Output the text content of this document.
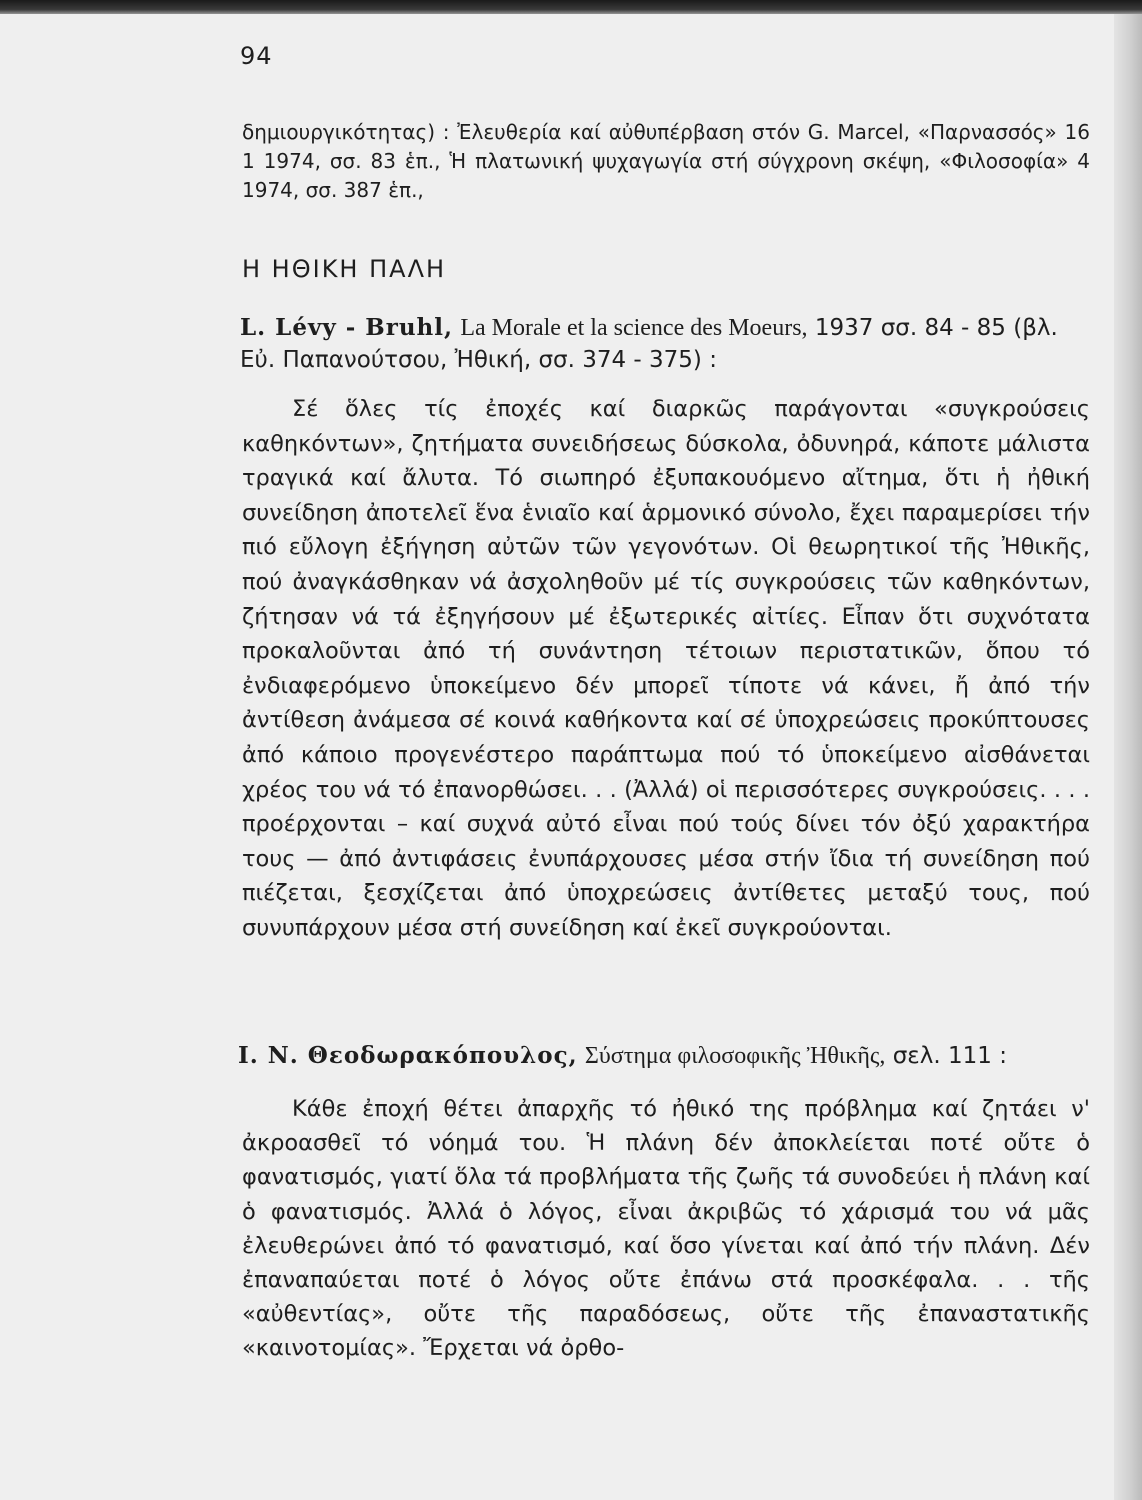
94
δημιουργικότητας) : Ἐλευθερία καί αὐθυπέρβαση στόν G. Marcel, «Παρνασσός» 16 1 1974, σσ. 83 ἑπ., Ἡ πλατωνική ψυχαγωγία στή σύγχρονη σκέψη, «Φιλοσοφία» 4 1974, σσ. 387 ἑπ.,
Η ΗΘΙΚΗ ΠΑΛΗ
L. Lévy - Bruhl, La Morale et la science des Moeurs, 1937 σσ. 84 - 85 (βλ. Εὐ. Παπανούτσου, Ἠθική, σσ. 374 - 375) :

Σέ ὅλες τίς ἐποχές καί διαρκῶς παράγονται «συγκρούσεις καθηκόντων», ζητήματα συνειδήσεως δύσκολα, ὀδυνηρά, κάποτε μάλιστα τραγικά καί ἄλυτα. Τό σιωπηρό ἐξυπακουόμενο αἴτημα, ὅτι ἡ ἠθική συνείδηση ἀποτελεῖ ἕνα ἑνιαῖο καί ἁρμονικό σύνολο, ἔχει παραμερίσει τήν πιό εὔλογη ἐξήγηση αὐτῶν τῶν γεγονότων. Οἱ θεωρητικοί τῆς Ἠθικῆς, πού ἀναγκάσθηκαν νά ἀσχοληθοῦν μέ τίς συγκρούσεις τῶν καθηκόντων, ζήτησαν νά τά ἐξηγήσουν μέ ἐξωτερικές αἰτίες. Εἶπαν ὅτι συχνότατα προκαλοῦνται ἀπό τή συνάντηση τέτοιων περιστατικῶν, ὅπου τό ἐνδιαφερόμενο ὑποκείμενο δέν μπορεῖ τίποτε νά κάνει, ἤ ἀπό τήν ἀντίθεση ἀνάμεσα σέ κοινά καθήκοντα καί σέ ὑποχρεώσεις προκύπτουσες ἀπό κάποιο προγενέστερο παράπτωμα πού τό ὑποκείμενο αἰσθάνεται χρέος του νά τό ἐπανορθώσει. . . (Ἀλλά) οἱ περισσότερες συγκρούσεις. . . . προέρχονται – καί συχνά αὐτό εἶναι πού τούς δίνει τόν ὀξύ χαρακτήρα τους — ἀπό ἀντιφάσεις ἐνυπάρχουσες μέσα στήν ἴδια τή συνείδηση πού πιέζεται, ξεσχίζεται ἀπό ὑποχρεώσεις ἀντίθετες μεταξύ τους, πού συνυπάρχουν μέσα στή συνείδηση καί ἐκεῖ συγκρούονται.

Ι. Ν. Θεοδωρακόπουλος, Σύστημα φιλοσοφικῆς Ἠθικῆς, σελ. 111 :

Κάθε ἐποχή θέτει ἀπαρχῆς τό ἠθικό της πρόβλημα καί ζητάει ν' ἀκροασθεῖ τό νόημά του. Ἡ πλάνη δέν ἀποκλείεται ποτέ οὔτε ὁ φανατισμός, γιατί ὅλα τά προβλήματα τῆς ζωῆς τά συνοδεύει ἡ πλάνη καί ὁ φανατισμός. Ἀλλά ὁ λόγος, εἶναι ἀκριβῶς τό χάρισμά του νά μᾶς ἐλευθερώνει ἀπό τό φανατισμό, καί ὅσο γίνεται καί ἀπό τήν πλάνη. Δέν ἐπαναπαύεται ποτέ ὁ λόγος οὔτε ἐπάνω στά προσκέφαλα. . . τῆς «αὐθεντίας», οὔτε τῆς παραδόσεως, οὔτε τῆς ἐπαναστατικῆς «καινοτομίας». Ἔρχεται νά ὀρθο-
